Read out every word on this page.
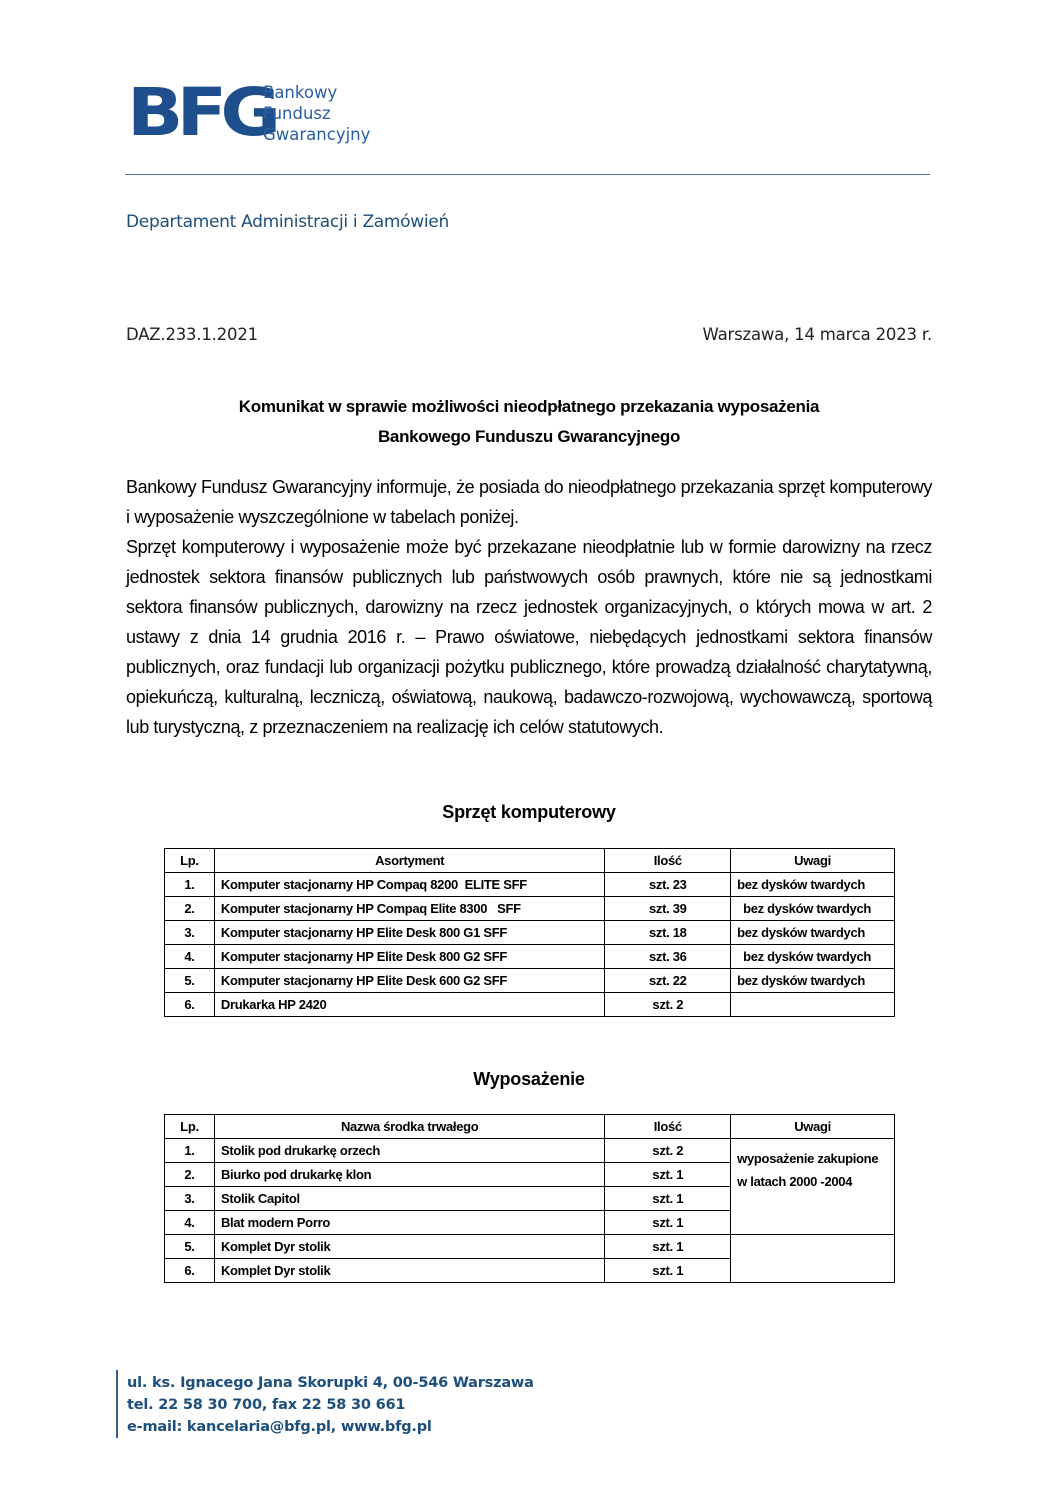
BFG
Bankowy
Fundusz
Gwarancyjny
Departament Administracji i Zamówień
DAZ.233.1.2021	Warszawa, 14 marca 2023 r.
Komunikat w sprawie możliwości nieodpłatnego przekazania wyposażenia
Bankowego Funduszu Gwarancyjnego

Bankowy Fundusz Gwarancyjny informuje, że posiada do nieodpłatnego przekazania sprzęt komputerowy i wyposażenie wyszczególnione w tabelach poniżej.

Sprzęt komputerowy i wyposażenie może być przekazane nieodpłatnie lub w formie darowizny na rzecz jednostek sektora finansów publicznych lub państwowych osób prawnych, które nie są jednostkami sektora finansów publicznych, darowizny na rzecz jednostek organizacyjnych, o których mowa w art. 2 ustawy z dnia 14 grudnia 2016 r. – Prawo oświatowe, niebędących jednostkami sektora finansów publicznych, oraz fundacji lub organizacji pożytku publicznego, które prowadzą działalność charytatywną, opiekuńczą, kulturalną, leczniczą, oświatową, naukową, badawczo-rozwojową, wychowawczą, sportową lub turystyczną, z przeznaczeniem na realizację ich celów statutowych.

Sprzęt komputerowy
Lp.	Asortyment	Ilość	Uwagi
1.	Komputer stacjonarny HP Compaq 8200  ELITE SFF	szt. 23	bez dysków twardych
2.	Komputer stacjonarny HP Compaq Elite 8300   SFF	szt. 39	bez dysków twardych
3.	Komputer stacjonarny HP Elite Desk 800 G1 SFF	szt. 18	bez dysków twardych
4.	Komputer stacjonarny HP Elite Desk 800 G2 SFF	szt. 36	bez dysków twardych
5.	Komputer stacjonarny HP Elite Desk 600 G2 SFF	szt. 22	bez dysków twardych
6.	Drukarka HP 2420	szt. 2	
Wyposażenie
Lp.	Nazwa środka trwałego	Ilość	Uwagi
1.	Stolik pod drukarkę orzech	szt. 2	wyposażenie zakupione w latach 2000 -2004
2.	Biurko pod drukarkę klon	szt. 1	
3.	Stolik Capitol	szt. 1	
4.	Blat modern Porro	szt. 1	
5.	Komplet Dyr stolik	szt. 1	
6.	Komplet Dyr stolik	szt. 1	
ul. ks. Ignacego Jana Skorupki 4, 00-546 Warszawa
tel. 22 58 30 700, fax 22 58 30 661
e-mail: kancelaria@bfg.pl, www.bfg.pl
